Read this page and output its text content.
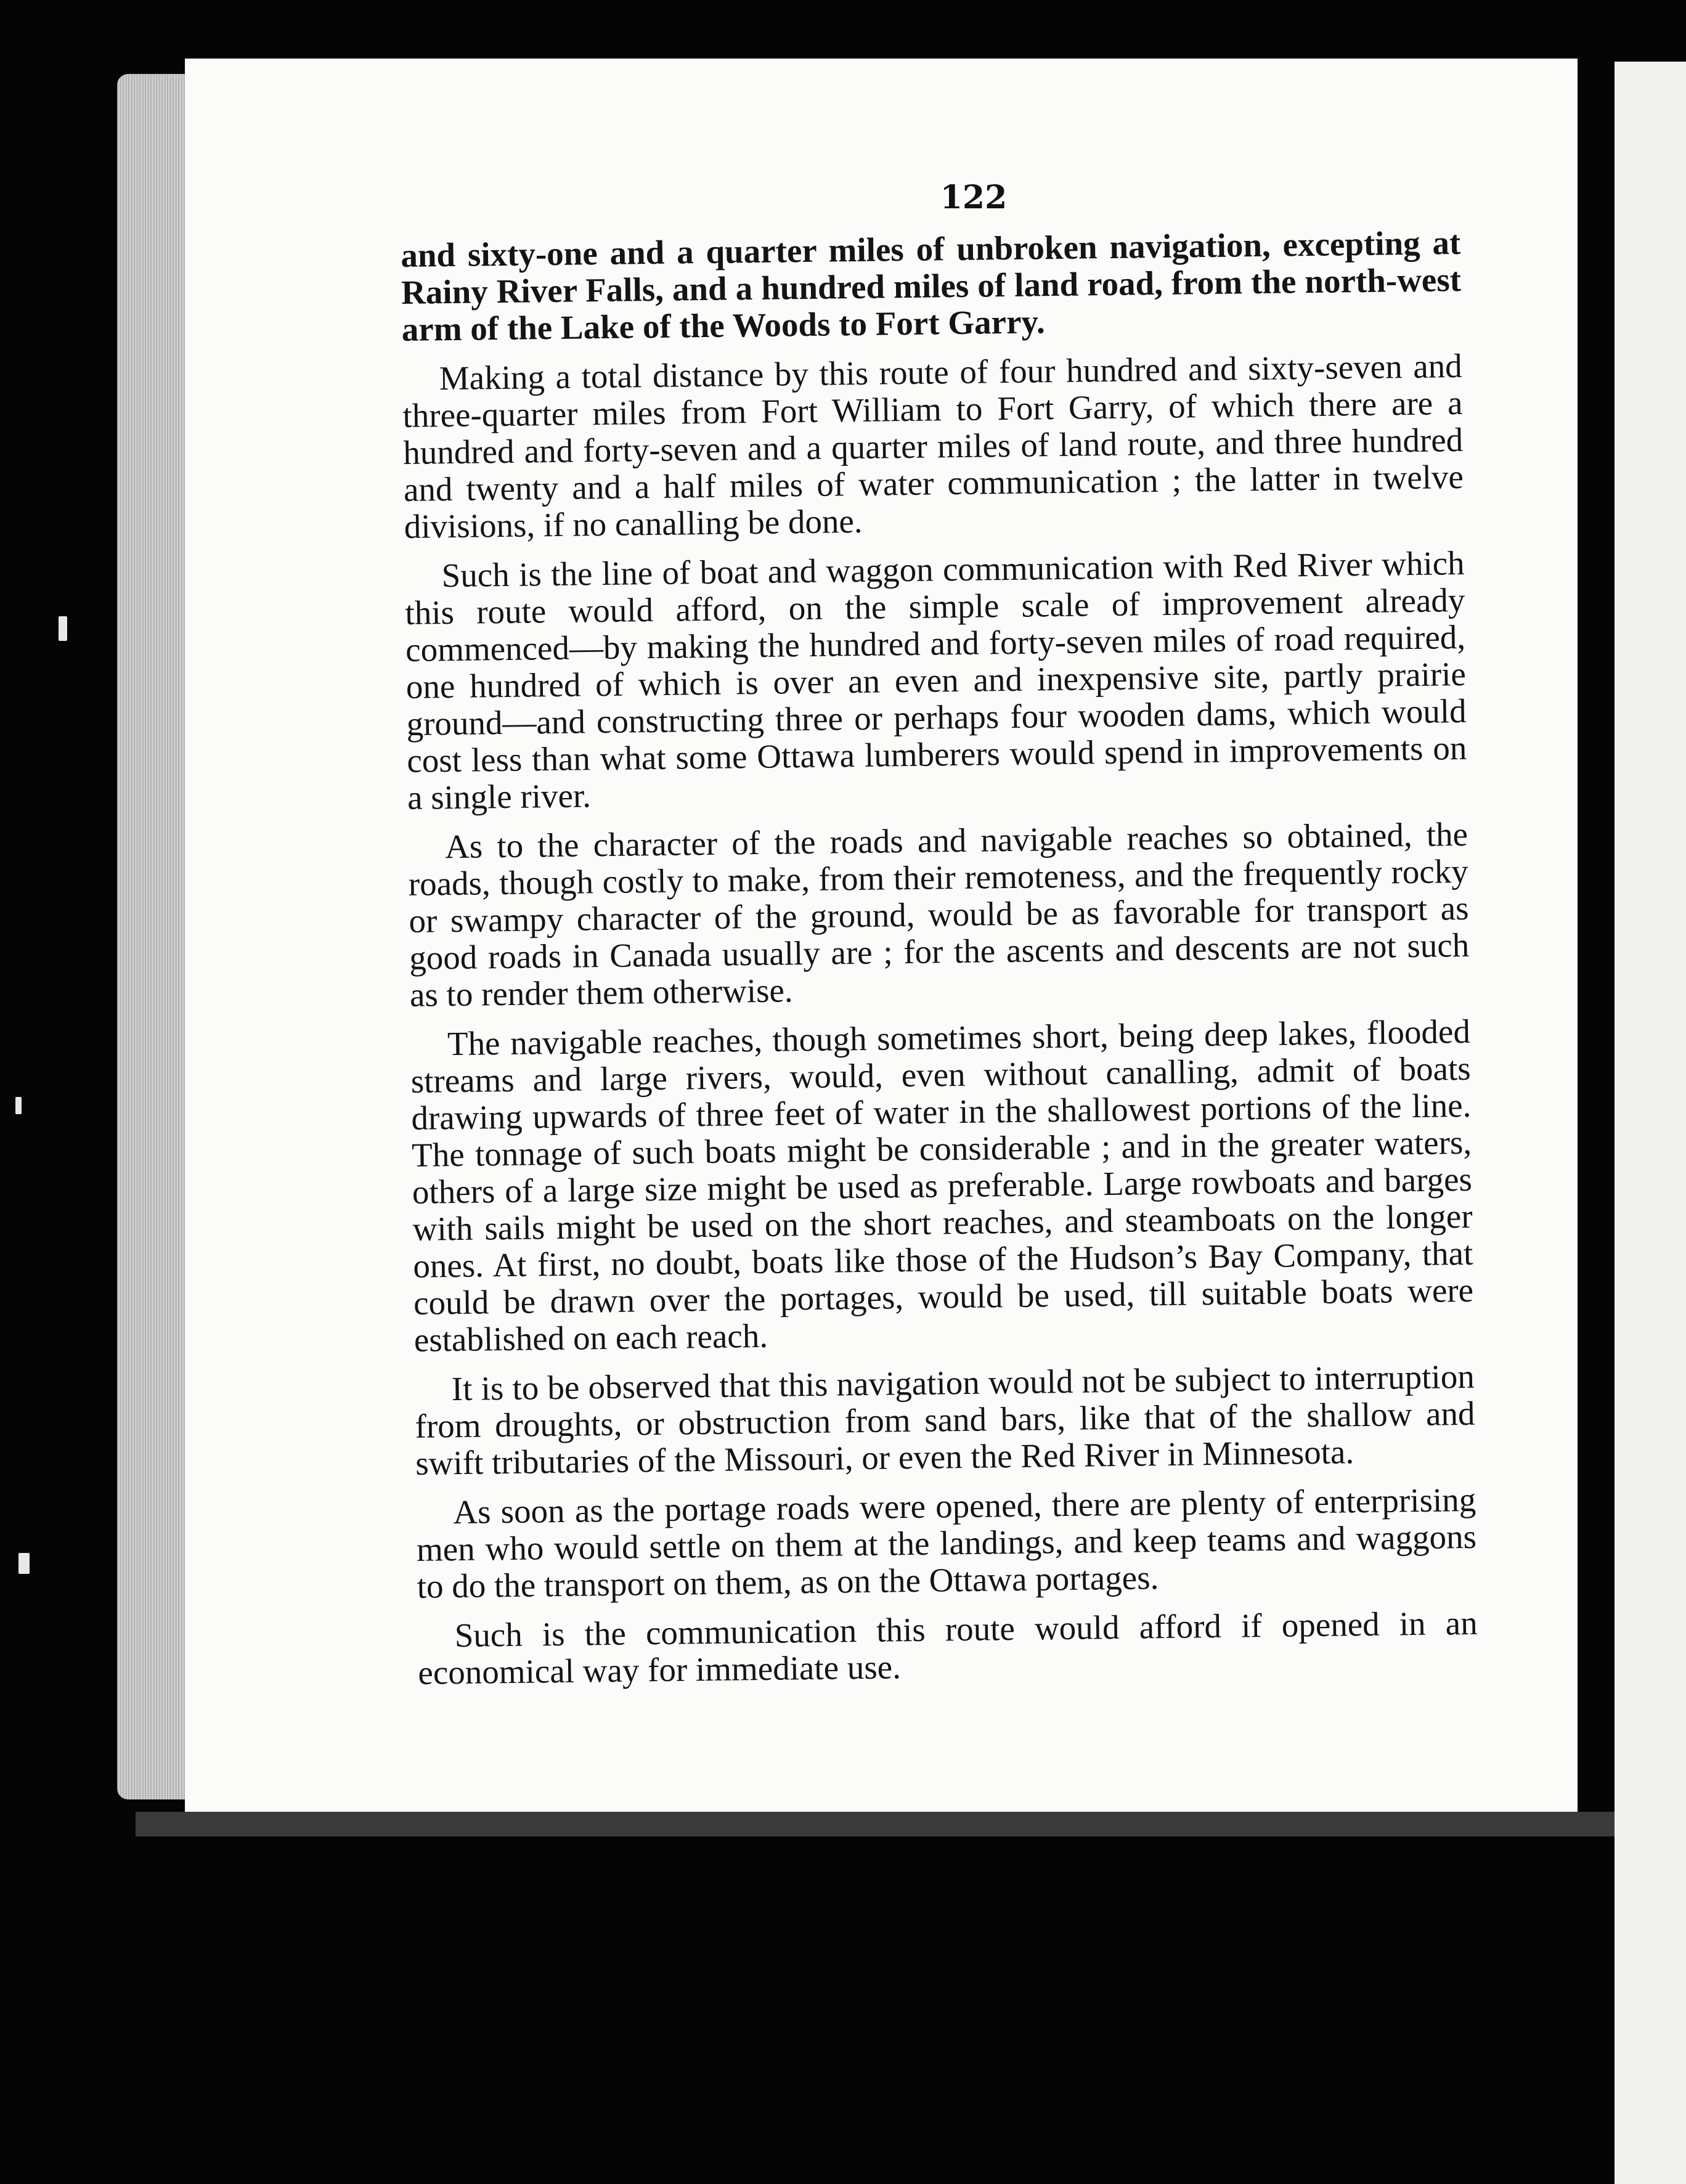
122

and sixty-one and a quarter miles of unbroken navigation, excepting at Rainy River Falls, and a hundred miles of land road, from the north-west arm of the Lake of the Woods to Fort Garry.

Making a total distance by this route of four hundred and sixty-seven and three-quarter miles from Fort William to Fort Garry, of which there are a hundred and forty-seven and a quarter miles of land route, and three hundred and twenty and a half miles of water communication ; the latter in twelve divisions, if no canalling be done.

Such is the line of boat and waggon communication with Red River which this route would afford, on the simple scale of improvement already commenced—by making the hundred and forty-seven miles of road required, one hundred of which is over an even and inexpensive site, partly prairie ground—and constructing three or perhaps four wooden dams, which would cost less than what some Ottawa lumberers would spend in improvements on a single river.

As to the character of the roads and navigable reaches so obtained, the roads, though costly to make, from their remoteness, and the frequently rocky or swampy character of the ground, would be as favorable for transport as good roads in Canada usually are ; for the ascents and descents are not such as to render them otherwise.

The navigable reaches, though sometimes short, being deep lakes, flooded streams and large rivers, would, even without canalling, admit of boats drawing upwards of three feet of water in the shallowest portions of the line. The tonnage of such boats might be considerable ; and in the greater waters, others of a large size might be used as preferable. Large rowboats and barges with sails might be used on the short reaches, and steamboats on the longer ones. At first, no doubt, boats like those of the Hudson’s Bay Company, that could be drawn over the portages, would be used, till suitable boats were established on each reach.

It is to be observed that this navigation would not be subject to interruption from droughts, or obstruction from sand bars, like that of the shallow and swift tributaries of the Missouri, or even the Red River in Minnesota.

As soon as the portage roads were opened, there are plenty of enterprising men who would settle on them at the landings, and keep teams and waggons to do the transport on them, as on the Ottawa portages.

Such is the communication this route would afford if opened in an economical way for immediate use.
